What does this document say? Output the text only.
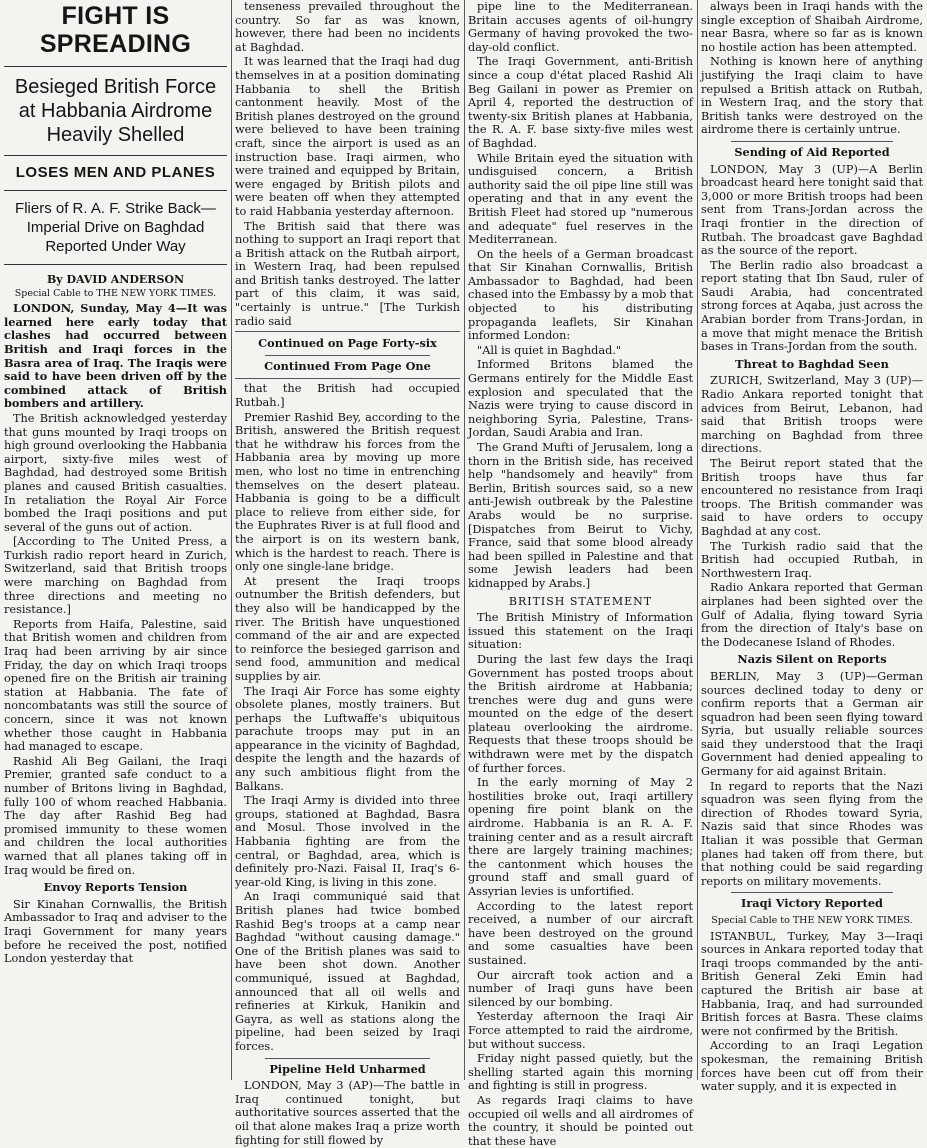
FIGHT IS SPREADING
Besieged British Force at Habbania Airdrome Heavily Shelled
LOSES MEN AND PLANES
Fliers of R. A. F. Strike Back— Imperial Drive on Baghdad Reported Under Way
By DAVID ANDERSON
Special Cable to THE NEW YORK TIMES.

LONDON, Sunday, May 4—It was learned here early today that clashes had occurred between British and Iraqi forces in the Basra area of Iraq. The Iraqis were said to have been driven off by the combined attack of British bombers and artillery.

The British acknowledged yesterday that guns mounted by Iraqi troops on high ground overlooking the Habbania airport, sixty-five miles west of Baghdad, had destroyed some British planes and caused British casualties. In retaliation the Royal Air Force bombed the Iraqi positions and put several of the guns out of action.

[According to The United Press, a Turkish radio report heard in Zurich, Switzerland, said that British troops were marching on Baghdad from three directions and meeting no resistance.]

Reports from Haifa, Palestine, said that British women and children from Iraq had been arriving by air since Friday, the day on which Iraqi troops opened fire on the British air training station at Habbania. The fate of noncombatants was still the source of concern, since it was not known whether those caught in Habbania had managed to escape.

Rashid Ali Beg Gailani, the Iraqi Premier, granted safe conduct to a number of Britons living in Baghdad, fully 100 of whom reached Habbania. The day after Rashid Beg had promised immunity to these women and children the local authorities warned that all planes taking off in Iraq would be fired on.

Envoy Reports Tension

Sir Kinahan Cornwallis, the British Ambassador to Iraq and adviser to the Iraqi Government for many years before he received the post, notified London yesterday that

tenseness prevailed throughout the country. So far as was known, however, there had been no incidents at Baghdad.

It was learned that the Iraqi had dug themselves in at a position dominating Habbania to shell the British cantonment heavily. Most of the British planes destroyed on the ground were believed to have been training craft, since the airport is used as an instruction base. Iraqi airmen, who were trained and equipped by Britain, were engaged by British pilots and were beaten off when they attempted to raid Habbania yesterday afternoon.

The British said that there was nothing to support an Iraqi report that a British attack on the Rutbah airport, in Western Iraq, had been repulsed and British tanks destroyed. The latter part of this claim, it was said, "certainly is untrue." [The Turkish radio said

Continued on Page Forty-six
Continued From Page One

that the British had occupied Rutbah.]

Premier Rashid Bey, according to the British, answered the British request that he withdraw his forces from the Habbania area by moving up more men, who lost no time in entrenching themselves on the desert plateau. Habbania is going to be a difficult place to relieve from either side, for the Euphrates River is at full flood and the airport is on its western bank, which is the hardest to reach. There is only one single-lane bridge.

At present the Iraqi troops outnumber the British defenders, but they also will be handicapped by the river. The British have unquestioned command of the air and are expected to reinforce the besieged garrison and send food, ammunition and medical supplies by air.

The Iraqi Air Force has some eighty obsolete planes, mostly trainers. But perhaps the Luftwaffe's ubiquitous parachute troops may put in an appearance in the vicinity of Baghdad, despite the length and the hazards of any such ambitious flight from the Balkans.

The Iraqi Army is divided into three groups, stationed at Baghdad, Basra and Mosul. Those involved in the Habbania fighting are from the central, or Baghdad, area, which is definitely pro-Nazi. Faisal II, Iraq's 6-year-old King, is living in this zone.

An Iraqi communiqué said that British planes had twice bombed Rashid Beg's troops at a camp near Baghdad "without causing damage." One of the British planes was said to have been shot down. Another communiqué, issued at Baghdad, announced that all oil wells and refineries at Kirkuk, Hanikin and Gayra, as well as stations along the pipeline, had been seized by Iraqi forces.

Pipeline Held Unharmed

LONDON, May 3 (AP)—The battle in Iraq continued tonight, but authoritative sources asserted that the oil that alone makes Iraq a prize worth fighting for still flowed by

pipe line to the Mediterranean. Britain accuses agents of oil-hungry Germany of having provoked the two-day-old conflict.

The Iraqi Government, anti-British since a coup d'état placed Rashid Ali Beg Gailani in power as Premier on April 4, reported the destruction of twenty-six British planes at Habbania, the R. A. F. base sixty-five miles west of Baghdad.

While Britain eyed the situation with undisguised concern, a British authority said the oil pipe line still was operating and that in any event the British Fleet had stored up "numerous and adequate" fuel reserves in the Mediterranean.

On the heels of a German broadcast that Sir Kinahan Cornwallis, British Ambassador to Baghdad, had been chased into the Embassy by a mob that objected to his distributing propaganda leaflets, Sir Kinahan informed London:

"All is quiet in Baghdad."

Informed Britons blamed the Germans entirely for the Middle East explosion and speculated that the Nazis were trying to cause discord in neighboring Syria, Palestine, Trans-Jordan, Saudi Arabia and Iran.

The Grand Mufti of Jerusalem, long a thorn in the British side, has received help "handsomely and heavily" from Berlin, British sources said, so a new anti-Jewish outbreak by the Palestine Arabs would be no surprise. [Dispatches from Beirut to Vichy, France, said that some blood already had been spilled in Palestine and that some Jewish leaders had been kidnapped by Arabs.]

BRITISH STATEMENT

The British Ministry of Information issued this statement on the Iraqi situation:

During the last few days the Iraqi Government has posted troops about the British airdrome at Habbania; trenches were dug and guns were mounted on the edge of the desert plateau overlooking the airdrome. Requests that these troops should be withdrawn were met by the dispatch of further forces.

In the early morning of May 2 hostilities broke out, Iraqi artillery opening fire point blank on the airdrome. Habbania is an R. A. F. training center and as a result aircraft there are largely training machines; the cantonment which houses the ground staff and small guard of Assyrian levies is unfortified.

According to the latest report received, a number of our aircraft have been destroyed on the ground and some casualties have been sustained.

Our aircraft took action and a number of Iraqi guns have been silenced by our bombing.

Yesterday afternoon the Iraqi Air Force attempted to raid the airdrome, but without success.

Friday night passed quietly, but the shelling started again this morning and fighting is still in progress.

As regards Iraqi claims to have occupied oil wells and all airdromes of the country, it should be pointed out that these have

always been in Iraqi hands with the single exception of Shaibah Airdrome, near Basra, where so far as is known no hostile action has been attempted.

Nothing is known here of anything justifying the Iraqi claim to have repulsed a British attack on Rutbah, in Western Iraq, and the story that British tanks were destroyed on the airdrome there is certainly untrue.

Sending of Aid Reported

LONDON, May 3 (UP)—A Berlin broadcast heard here tonight said that 3,000 or more British troops had been sent from Trans-Jordan across the Iraqi frontier in the direction of Rutbah. The broadcast gave Baghdad as the source of the report.

The Berlin radio also broadcast a report stating that Ibn Saud, ruler of Saudi Arabia, had concentrated strong forces at Aqaba, just across the Arabian border from Trans-Jordan, in a move that might menace the British bases in Trans-Jordan from the south.

Threat to Baghdad Seen

ZURICH, Switzerland, May 3 (UP)—Radio Ankara reported tonight that advices from Beirut, Lebanon, had said that British troops were marching on Baghdad from three directions.

The Beirut report stated that the British troops have thus far encountered no resistance from Iraqi troops. The British commander was said to have orders to occupy Baghdad at any cost.

The Turkish radio said that the British had occupied Rutbah, in Northwestern Iraq.

Radio Ankara reported that German airplanes had been sighted over the Gulf of Adalia, flying toward Syria from the direction of Italy's base on the Dodecanese Island of Rhodes.

Nazis Silent on Reports

BERLIN, May 3 (UP)—German sources declined today to deny or confirm reports that a German air squadron had been seen flying toward Syria, but usually reliable sources said they understood that the Iraqi Government had denied appealing to Germany for aid against Britain.

In regard to reports that the Nazi squadron was seen flying from the direction of Rhodes toward Syria, Nazis said that since Rhodes was Italian it was possible that German planes had taken off from there, but that nothing could be said regarding reports on military movements.

Iraqi Victory Reported
Special Cable to THE NEW YORK TIMES.

ISTANBUL, Turkey, May 3—Iraqi sources in Ankara reported today that Iraqi troops commanded by the anti-British General Zeki Emin had captured the British air base at Habbania, Iraq, and had surrounded British forces at Basra. These claims were not confirmed by the British.

According to an Iraqi Legation spokesman, the remaining British forces have been cut off from their water supply, and it is expected in
